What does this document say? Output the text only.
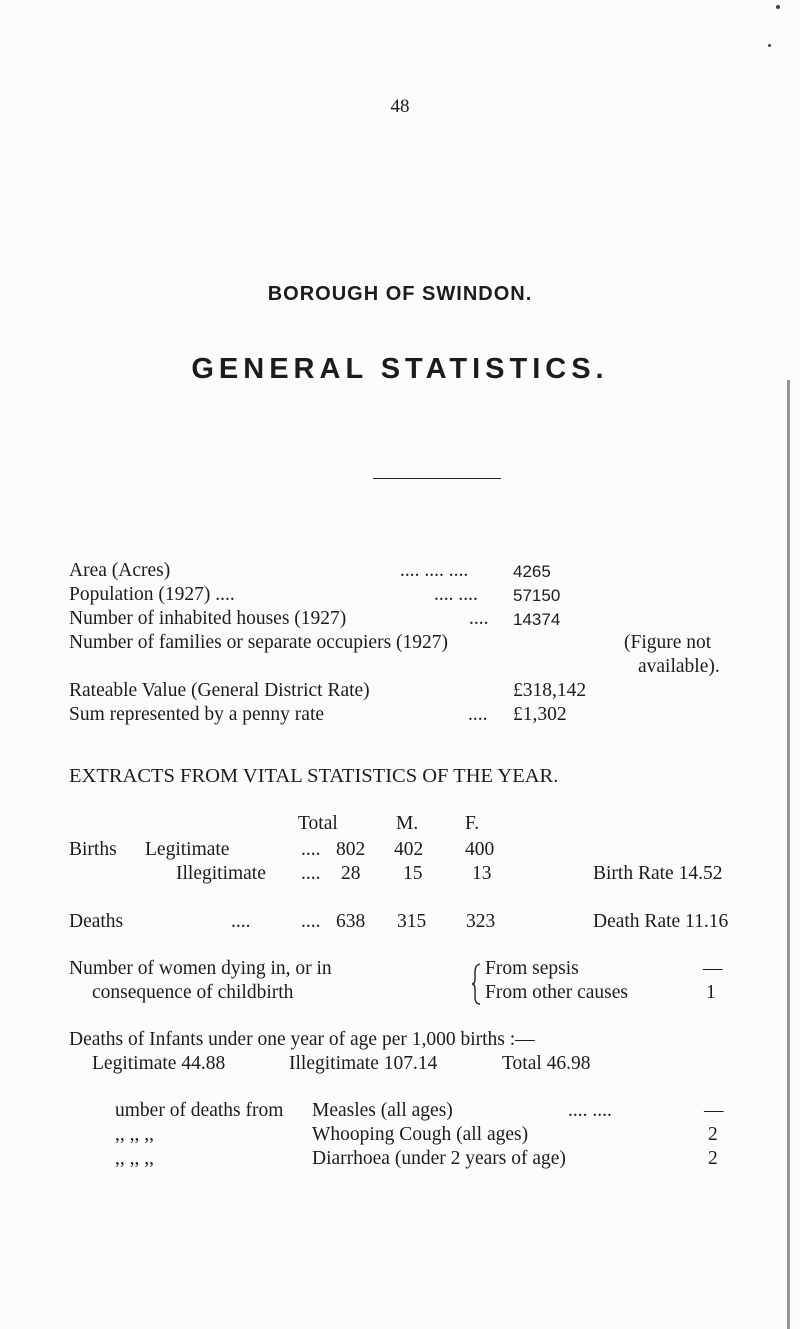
48
BOROUGH OF SWINDON.
GENERAL STATISTICS.
Area (Acres)	.... .... ....	4265
Population (1927) ....	.... .... 57150
Number of inhabited houses (1927)	.... 14374
Number of families or separate occupiers (1927)	(Figure not
available).
Rateable Value (General District Rate)	£318,142
Sum represented by a penny rate	.... £1,302
EXTRACTS FROM VITAL STATISTICS OF THE YEAR.
Total	M. F.
Births Legitimate	.... 802 402 400
Illegitimate .... 28 15	13	Birth Rate 14.52
Deaths	....	.... 638 315 323	Death Rate 11.16
Number of women dying in, or in
consequence of childbirth
From sepsis	—
From other causes	1
Deaths of Infants under one year of age per 1,000 births :—
Legitimate 44.88	Illegitimate 107.14	Total 46.98
umber of deaths from Measles (all ages)	.... ....	—
,, ,, ,,	Whooping Cough (all ages)	2
,, ,, ,,	Diarrhoea (under 2 years of age)	2
